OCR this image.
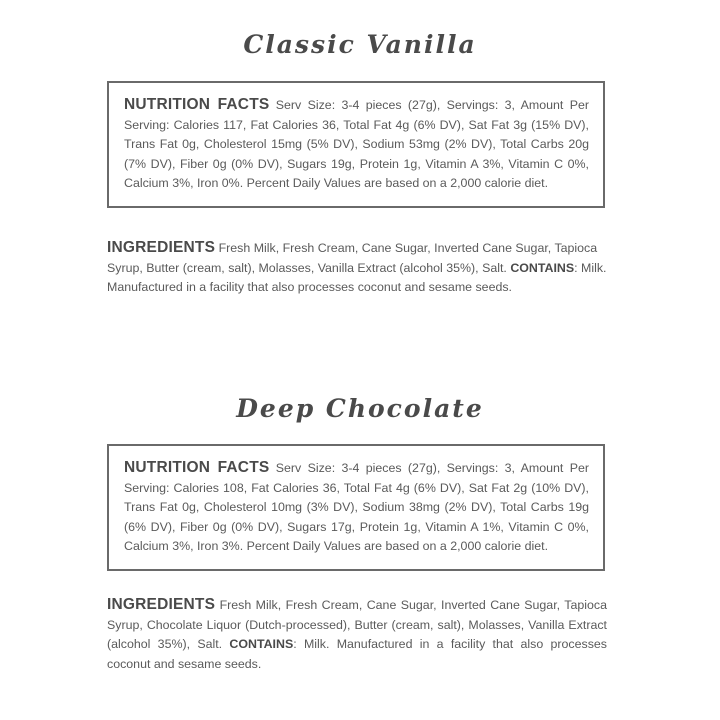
Classic Vanilla
NUTRITION FACTS Serv Size: 3-4 pieces (27g), Servings: 3, Amount Per Serving: Calories 117, Fat Calories 36, Total Fat 4g (6% DV), Sat Fat 3g (15% DV), Trans Fat 0g, Cholesterol 15mg (5% DV), Sodium 53mg (2% DV), Total Carbs 20g (7% DV), Fiber 0g (0% DV), Sugars 19g, Protein 1g, Vitamin A 3%, Vitamin C 0%, Calcium 3%, Iron 0%. Percent Daily Values are based on a 2,000 calorie diet.
INGREDIENTS Fresh Milk, Fresh Cream, Cane Sugar, Inverted Cane Sugar, Tapioca Syrup, Butter (cream, salt), Molasses, Vanilla Extract (alcohol 35%), Salt. CONTAINS: Milk. Manufactured in a facility that also processes coconut and sesame seeds.
Deep Chocolate
NUTRITION FACTS Serv Size: 3-4 pieces (27g), Servings: 3, Amount Per Serving: Calories 108, Fat Calories 36, Total Fat 4g (6% DV), Sat Fat 2g (10% DV), Trans Fat 0g, Cholesterol 10mg (3% DV), Sodium 38mg (2% DV), Total Carbs 19g (6% DV), Fiber 0g (0% DV), Sugars 17g, Protein 1g, Vitamin A 1%, Vitamin C 0%, Calcium 3%, Iron 3%. Percent Daily Values are based on a 2,000 calorie diet.
INGREDIENTS Fresh Milk, Fresh Cream, Cane Sugar, Inverted Cane Sugar, Tapioca Syrup, Chocolate Liquor (Dutch-processed), Butter (cream, salt), Molasses, Vanilla Extract (alcohol 35%), Salt. CONTAINS: Milk. Manufactured in a facility that also processes coconut and sesame seeds.
